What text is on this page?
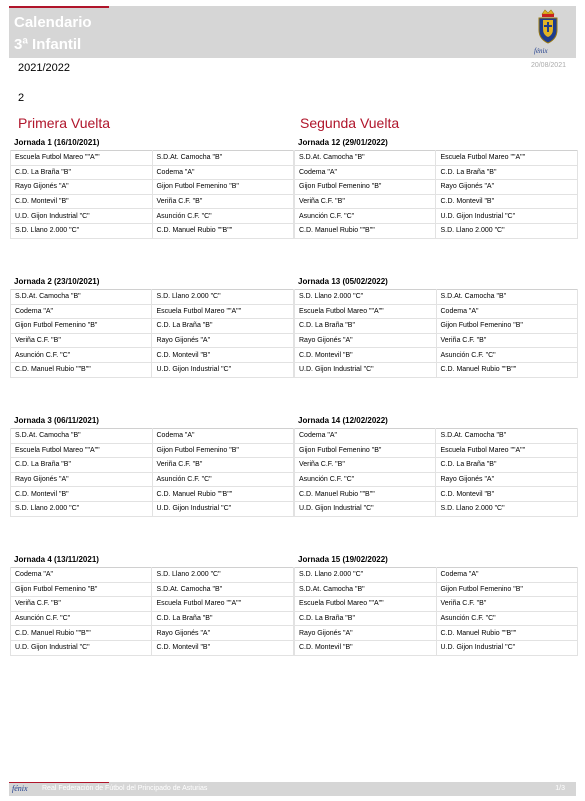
Calendario
3ª Infantil	fénix
2021/2022	20/08/2021
2
Primera Vuelta	Segunda Vuelta
Jornada 1 (16/10/2021)
Escuela Futbol Mareo ""A""	S.D.At. Camocha "B"
C.D. La Braña "B"	Codema "A"
Rayo Gijonés "A"	Gijon Futbol Femenino "B"
C.D. Montevil "B"	Veriña C.F. "B"
U.D. Gijon Industrial "C"	Asunción C.F. "C"
S.D. Llano 2.000 "C"	C.D. Manuel Rubio ""B""
Jornada 12 (29/01/2022)
S.D.At. Camocha "B"	Escuela Futbol Mareo ""A""
Codema "A"	C.D. La Braña "B"
Gijon Futbol Femenino "B"	Rayo Gijonés "A"
Veriña C.F. "B"	C.D. Montevil "B"
Asunción C.F. "C"	U.D. Gijon Industrial "C"
C.D. Manuel Rubio ""B""	S.D. Llano 2.000 "C"
Jornada 2 (23/10/2021)
S.D.At. Camocha "B"	S.D. Llano 2.000 "C"
Codema "A"	Escuela Futbol Mareo ""A""
Gijon Futbol Femenino "B"	C.D. La Braña "B"
Veriña C.F. "B"	Rayo Gijonés "A"
Asunción C.F. "C"	C.D. Montevil "B"
C.D. Manuel Rubio ""B""	U.D. Gijon Industrial "C"
Jornada 13 (05/02/2022)
S.D. Llano 2.000 "C"	S.D.At. Camocha "B"
Escuela Futbol Mareo ""A""	Codema "A"
C.D. La Braña "B"	Gijon Futbol Femenino "B"
Rayo Gijonés "A"	Veriña C.F. "B"
C.D. Montevil "B"	Asunción C.F. "C"
U.D. Gijon Industrial "C"	C.D. Manuel Rubio ""B""
Jornada 3 (06/11/2021)
S.D.At. Camocha "B"	Codema "A"
Escuela Futbol Mareo ""A""	Gijon Futbol Femenino "B"
C.D. La Braña "B"	Veriña C.F. "B"
Rayo Gijonés "A"	Asunción C.F. "C"
C.D. Montevil "B"	C.D. Manuel Rubio ""B""
S.D. Llano 2.000 "C"	U.D. Gijon Industrial "C"
Jornada 14 (12/02/2022)
Codema "A"	S.D.At. Camocha "B"
Gijon Futbol Femenino "B"	Escuela Futbol Mareo ""A""
Veriña C.F. "B"	C.D. La Braña "B"
Asunción C.F. "C"	Rayo Gijonés "A"
C.D. Manuel Rubio ""B""	C.D. Montevil "B"
U.D. Gijon Industrial "C"	S.D. Llano 2.000 "C"
Jornada 4 (13/11/2021)
Codema "A"	S.D. Llano 2.000 "C"
Gijon Futbol Femenino "B"	S.D.At. Camocha "B"
Veriña C.F. "B"	Escuela Futbol Mareo ""A""
Asunción C.F. "C"	C.D. La Braña "B"
C.D. Manuel Rubio ""B""	Rayo Gijonés "A"
U.D. Gijon Industrial "C"	C.D. Montevil "B"
Jornada 15 (19/02/2022)
S.D. Llano 2.000 "C"	Codema "A"
S.D.At. Camocha "B"	Gijon Futbol Femenino "B"
Escuela Futbol Mareo ""A""	Veriña C.F. "B"
C.D. La Braña "B"	Asunción C.F. "C"
Rayo Gijonés "A"	C.D. Manuel Rubio ""B""
C.D. Montevil "B"	U.D. Gijon Industrial "C"
fénix Real Federación de Fútbol del Principado de Asturias	1/3
